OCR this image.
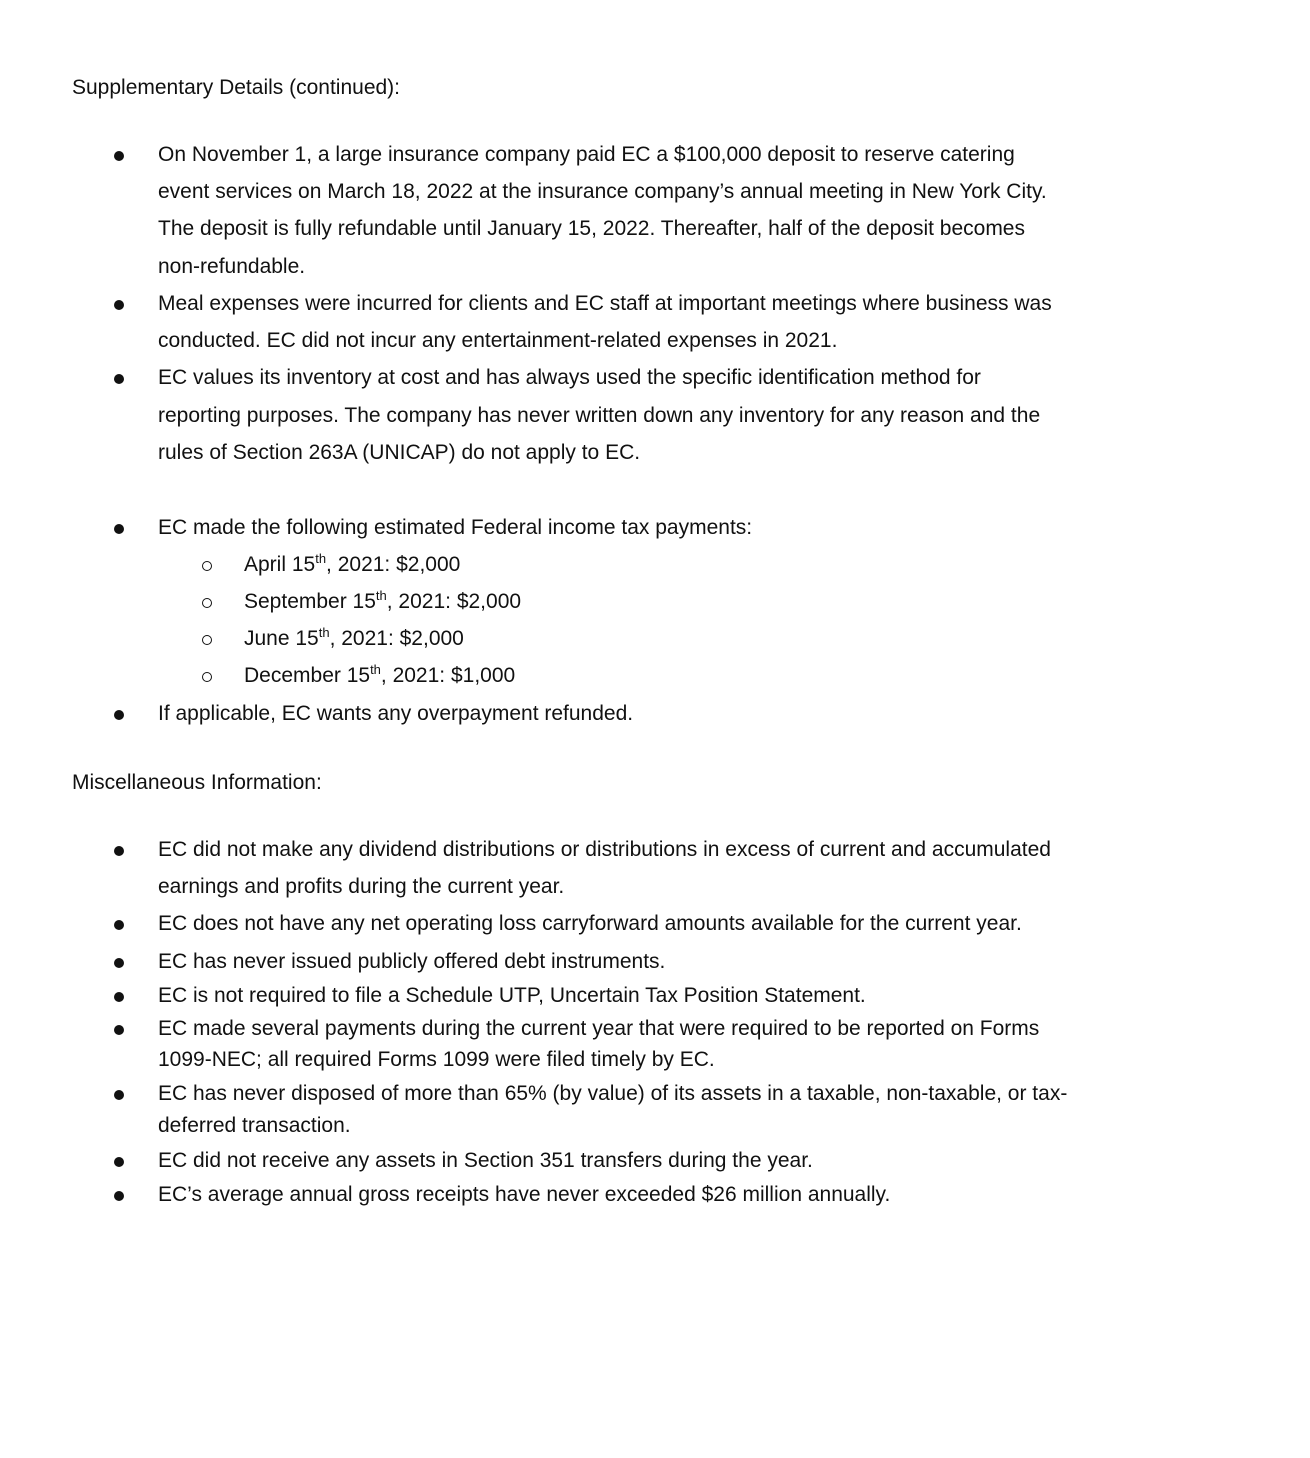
Supplementary Details (continued):
Miscellaneous Information:
On November 1, a large insurance company paid EC a $100,000 deposit to reserve catering
event services on March 18, 2022 at the insurance company’s annual meeting in New York City.
The deposit is fully refundable until January 15, 2022. Thereafter, half of the deposit becomes
non-refundable.
Meal expenses were incurred for clients and EC staff at important meetings where business was
conducted. EC did not incur any entertainment-related expenses in 2021.
EC values its inventory at cost and has always used the specific identification method for
reporting purposes. The company has never written down any inventory for any reason and the
rules of Section 263A (UNICAP) do not apply to EC.
EC made the following estimated Federal income tax payments:
If applicable, EC wants any overpayment refunded.
April 15th, 2021: $2,000
September 15th, 2021: $2,000
June 15th, 2021: $2,000
December 15th, 2021: $1,000
EC did not make any dividend distributions or distributions in excess of current and accumulated
earnings and profits during the current year.
EC does not have any net operating loss carryforward amounts available for the current year.
EC has never issued publicly offered debt instruments.
EC is not required to file a Schedule UTP, Uncertain Tax Position Statement.
EC made several payments during the current year that were required to be reported on Forms
1099-NEC; all required Forms 1099 were filed timely by EC.
EC has never disposed of more than 65% (by value) of its assets in a taxable, non-taxable, or tax-
deferred transaction.
EC did not receive any assets in Section 351 transfers during the year.
EC’s average annual gross receipts have never exceeded $26 million annually.
